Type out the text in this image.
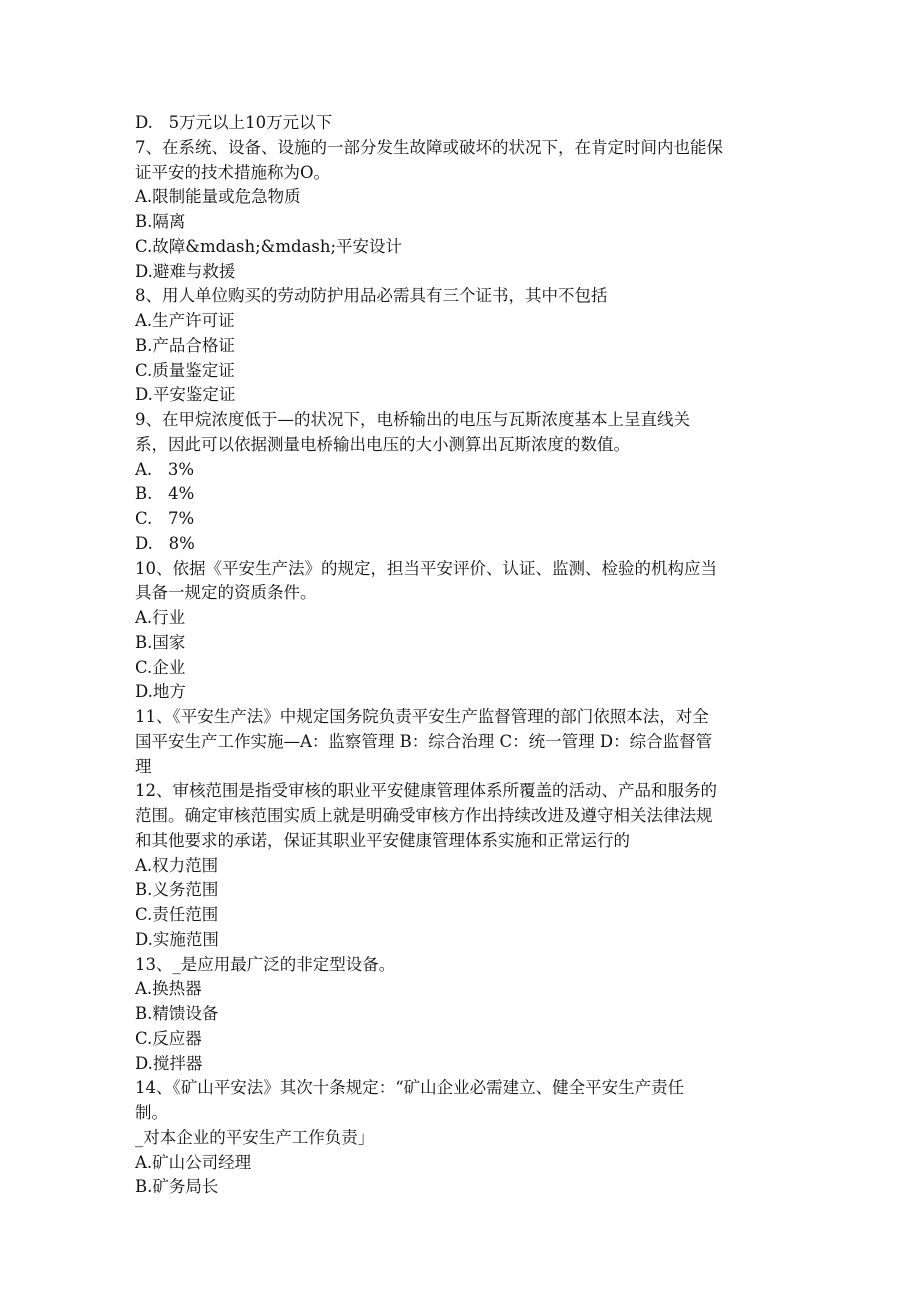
D.   5万元以上10万元以下
7、在系统、设备、设施的一部分发生故障或破坏的状况下，在肯定时间内也能保
证平安的技术措施称为O。
A.限制能量或危急物质
B.隔离
C.故障&mdash;&mdash;平安设计
D.避难与救援
8、用人单位购买的劳动防护用品必需具有三个证书，其中不包括
A.生产许可证
B.产品合格证
C.质量鉴定证
D.平安鉴定证
9、在甲烷浓度低于—的状况下，电桥输出的电压与瓦斯浓度基本上呈直线关
系，因此可以依据测量电桥输出电压的大小测算出瓦斯浓度的数值。
A.   3%
B.   4%
C.   7%
D.   8%
10、依据《平安生产法》的规定，担当平安评价、认证、监测、检验的机构应当
具备一规定的资质条件。
A.行业
B.国家
C.企业
D.地方
11、《平安生产法》中规定国务院负责平安生产监督管理的部门依照本法，对全
国平安生产工作实施—A：监察管理 B：综合治理 C：统一管理 D：综合监督管
理
12、审核范围是指受审核的职业平安健康管理体系所覆盖的活动、产品和服务的
范围。确定审核范围实质上就是明确受审核方作出持续改进及遵守相关法律法规
和其他要求的承诺，保证其职业平安健康管理体系实施和正常运行的
A.权力范围
B.义务范围
C.责任范围
D.实施范围
13、_是应用最广泛的非定型设备。
A.换热器
B.精馈设备
C.反应器
D.搅拌器
14、《矿山平安法》其次十条规定：“矿山企业必需建立、健全平安生产责任
制。
_对本企业的平安生产工作负责」
A.矿山公司经理
B.矿务局长
